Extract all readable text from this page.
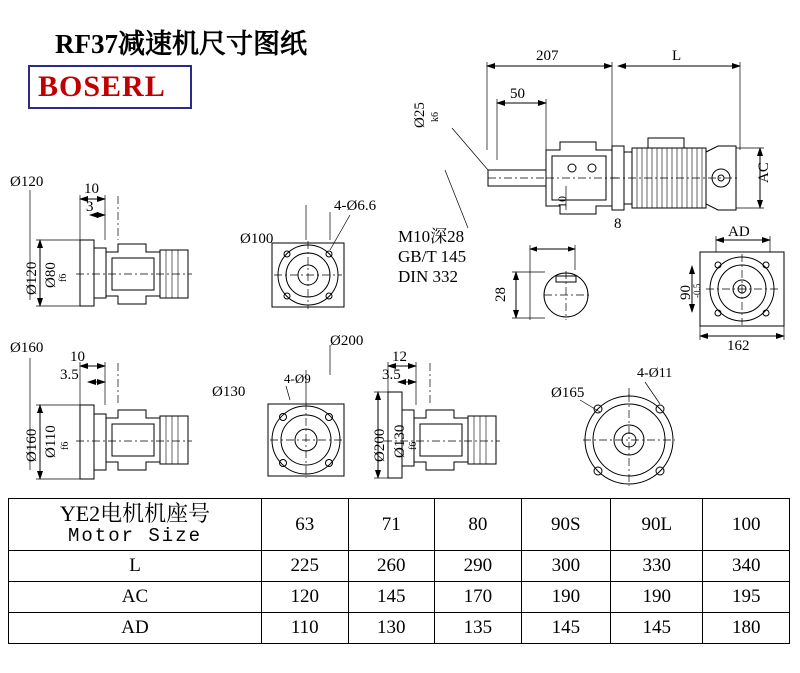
RF37减速机尺寸图纸
BOSERL
207	L
50
Ø25 k6
AC
10
8
28
M10深28
GB/T 145
DIN 332
AD
90
-0.5
162
Ø120	10
3
Ø120 Ø80 f6
4-Ø6.6
Ø100
Ø160
10
3.5
Ø160 Ø110 f6
4-Ø9
Ø130
Ø200
12
3.5
Ø200 Ø130 f6
4-Ø11
Ø165
YE2电机机座号
Motor Size	63	71	80	90S	90L	100
L	225	260	290	300	330	340
AC	120	145	170	190	190	195
AD	110	130	135	145	145	180
